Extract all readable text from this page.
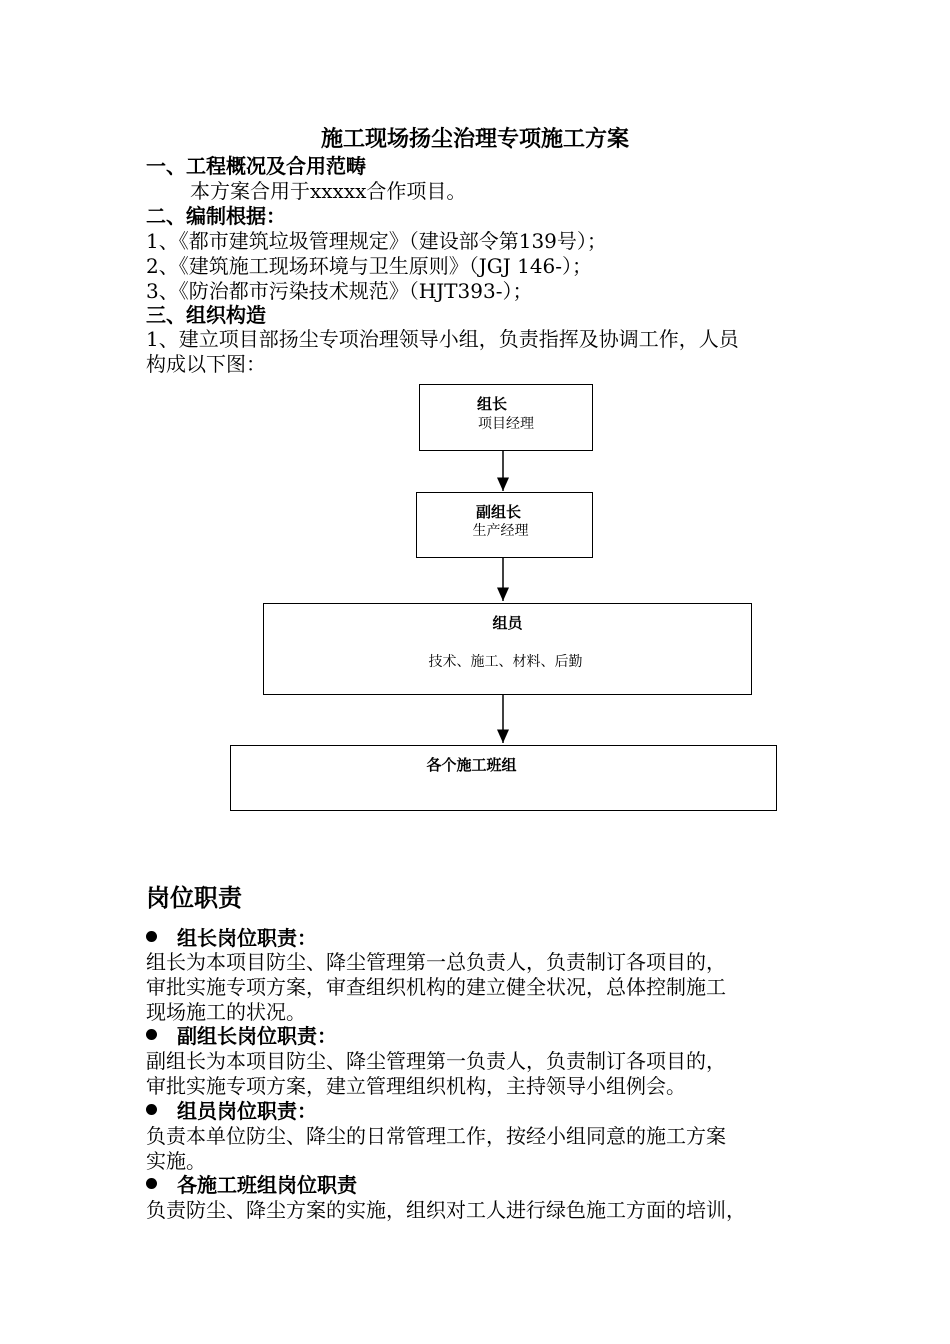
施工现场扬尘治理专项施工方案
一、工程概况及合用范畴
本方案合用于xxxxx合作项目。
二、编制根据：
1、《都市建筑垃圾管理规定》（建设部令第139号）；
2、《建筑施工现场环境与卫生原则》（JGJ 146-）；
3、《防治都市污染技术规范》（HJT393-）；
三、组织构造
1、建立项目部扬尘专项治理领导小组，负责指挥及协调工作，人员
构成以下图：
组长
项目经理
副组长
生产经理
组员
技术、施工、材料、后勤
各个施工班组
岗位职责
组长岗位职责：
组长为本项目防尘、降尘管理第一总负责人，负责制订各项目的，
审批实施专项方案，审查组织机构的建立健全状况，总体控制施工
现场施工的状况。
副组长岗位职责：
副组长为本项目防尘、降尘管理第一负责人，负责制订各项目的，
审批实施专项方案，建立管理组织机构，主持领导小组例会。
组员岗位职责：
负责本单位防尘、降尘的日常管理工作，按经小组同意的施工方案
实施。
各施工班组岗位职责
负责防尘、降尘方案的实施，组织对工人进行绿色施工方面的培训，
